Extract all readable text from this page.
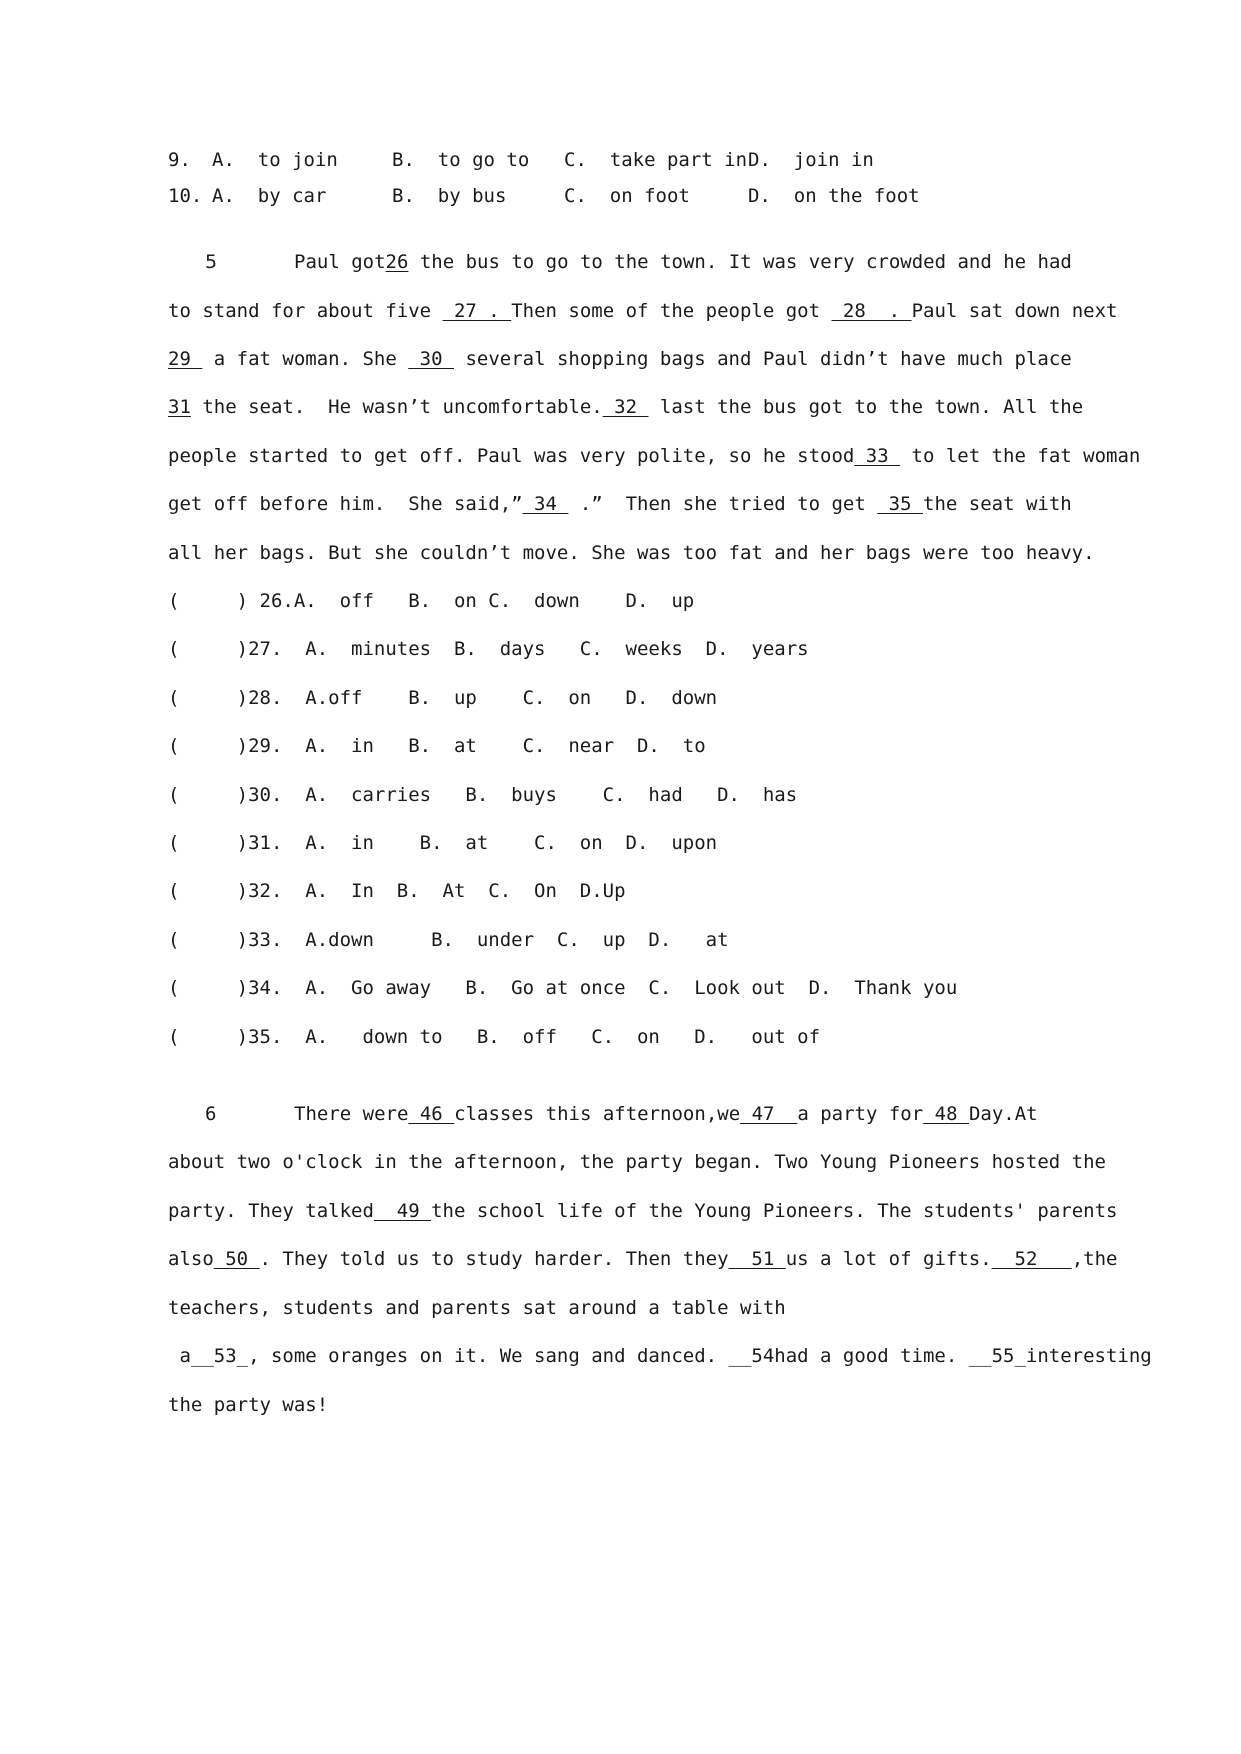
9. A.  to join	B.  to go to C.  take part in D.  join in
10. A.  by car	B.  by bus	C.  on foot	D.  on the foot
5	Paul got26 the bus to go to the town. It was very crowded and he had
to stand for about five  27 . Then some of the people got  28  . Paul sat down next
29  a fat woman. She  30  several shopping bags and Paul didn’t have much place
31 the seat.  He wasn’t uncomfortable. 32  last the bus got to the town. All the
people started to get off. Paul was very polite, so he stood 33  to let the fat woman
get off before him.  She said,” 34  .”  Then she tried to get  35 the seat with
all her bags. But she couldn’t move. She was too fat and her bags were too heavy.
(     ) 26.A.  off   B.  on C.  down    D.  up
(     )27.  A.  minutes  B.  days   C.  weeks  D.  years
(     )28.  A.off    B.  up    C.  on   D.  down
(     )29.  A.  in   B.  at    C.  near  D.  to
(     )30.  A.  carries   B.  buys    C.  had   D.  has
(     )31.  A.  in    B.  at    C.  on  D.  upon
(     )32.  A.  In  B.  At  C.  On  D.Up
(     )33.  A.down     B.  under  C.  up  D.   at
(     )34.  A.  Go away   B.  Go at once  C.  Look out  D.  Thank you
(     )35.  A.   down to   B.  off   C.  on   D.   out of
6	There were 46 classes this afternoon,we 47  a party for 48 Day.At
about two o'clock in the afternoon, the party began. Two Young Pioneers hosted the
party. They talked  49 the school life of the Young Pioneers. The students' parents
also 50 . They told us to study harder. Then they  51 us a lot of gifts.  52   ,the
teachers, students and parents sat around a table with
a__53_, some oranges on it. We sang and danced. __54had a good time. __55_interesting
the party was!
